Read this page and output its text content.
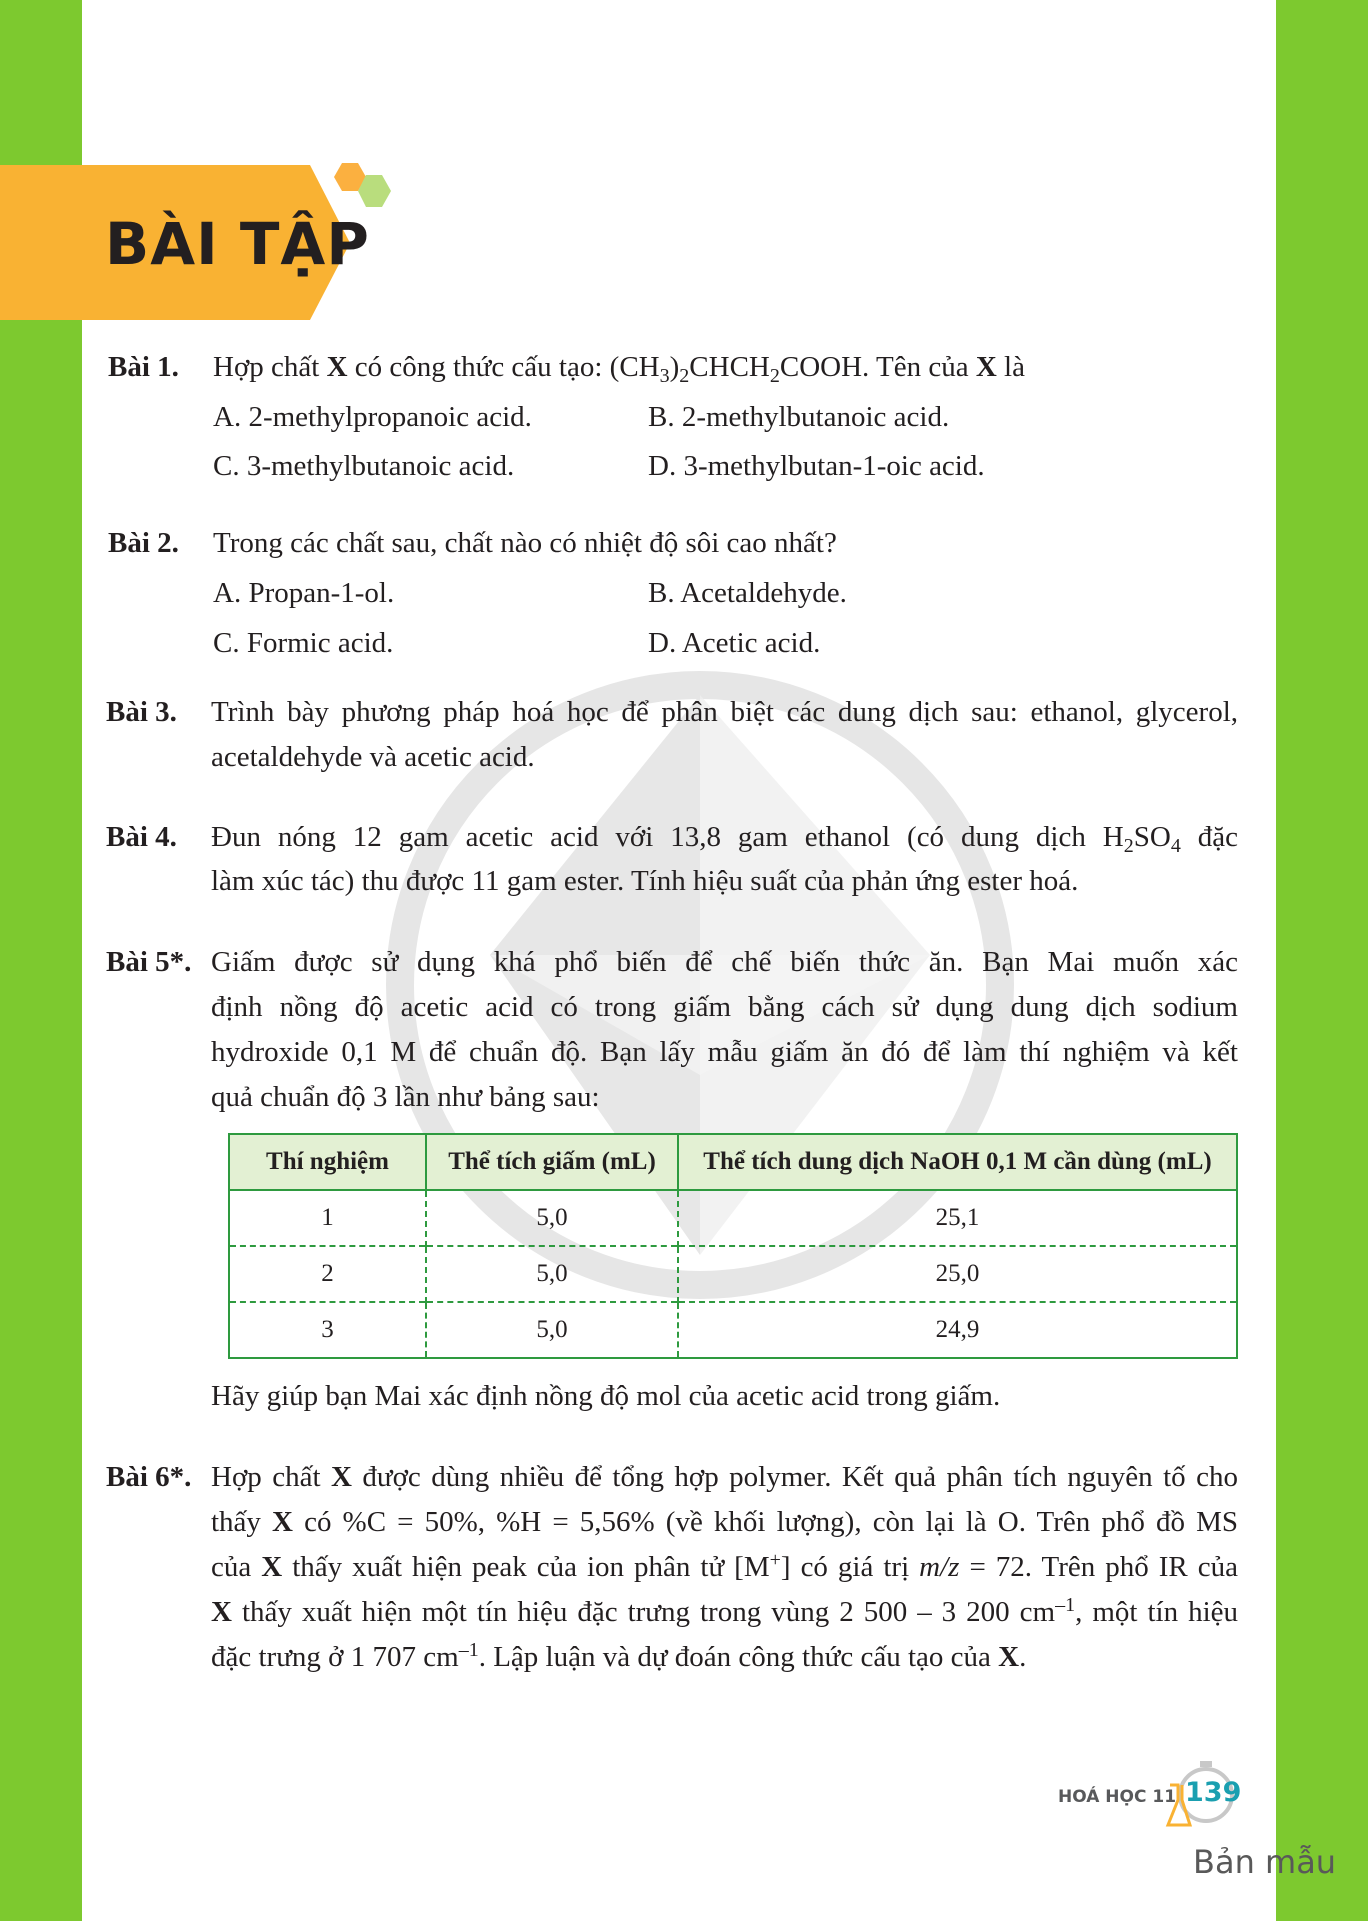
BÀI TẬP
Bài 1. Hợp chất X có công thức cấu tạo: $(CH_3)_2CHCH_2COOH$. Tên của X là
A. 2-methylpropanoic acid.	B. 2-methylbutanoic acid.
C. 3-methylbutanoic acid.	D. 3-methylbutan-1-oic acid.
Bài 2. Trong các chất sau, chất nào có nhiệt độ sôi cao nhất?
A. Propan-1-ol.	B. Acetaldehyde.
C. Formic acid.	D. Acetic acid.
Bài 3. Trình bày phương pháp hoá học để phân biệt các dung dịch sau: ethanol, glycerol,
acetaldehyde và acetic acid.
Bài 4. Đun nóng 12 gam acetic acid với 13,8 gam ethanol (có dung dịch $H_2SO_4$ đặc
làm xúc tác) thu được 11 gam ester. Tính hiệu suất của phản ứng ester hoá.
Bài 5*. Giấm được sử dụng khá phổ biến để chế biến thức ăn. Bạn Mai muốn xác
định nồng độ acetic acid có trong giấm bằng cách sử dụng dung dịch sodium
hydroxide 0,1 M để chuẩn độ. Bạn lấy mẫu giấm ăn đó để làm thí nghiệm và kết
quả chuẩn độ 3 lần như bảng sau:
Thí nghiệm	Thể tích giấm (mL)	Thể tích dung dịch NaOH 0,1 M cần dùng (mL)
1	5,0	25,1
2	5,0	25,0
3	5,0	24,9
Hãy giúp bạn Mai xác định nồng độ mol của acetic acid trong giấm.
Bài 6*. Hợp chất X được dùng nhiều để tổng hợp polymer. Kết quả phân tích nguyên tố cho
thấy X có %C = 50%, %H = 5,56% (về khối lượng), còn lại là O. Trên phổ đồ MS
của X thấy xuất hiện peak của ion phân tử [M+] có giá trị m/z = 72. Trên phổ IR của
X thấy xuất hiện một tín hiệu đặc trưng trong vùng 2 500 – 3 200 $cm^{-1}$, một tín hiệu
đặc trưng ở 1 707 $cm^{-1}$. Lập luận và dự đoán công thức cấu tạo của X.
HOÁ HỌC 11 139
Bản mẫu
